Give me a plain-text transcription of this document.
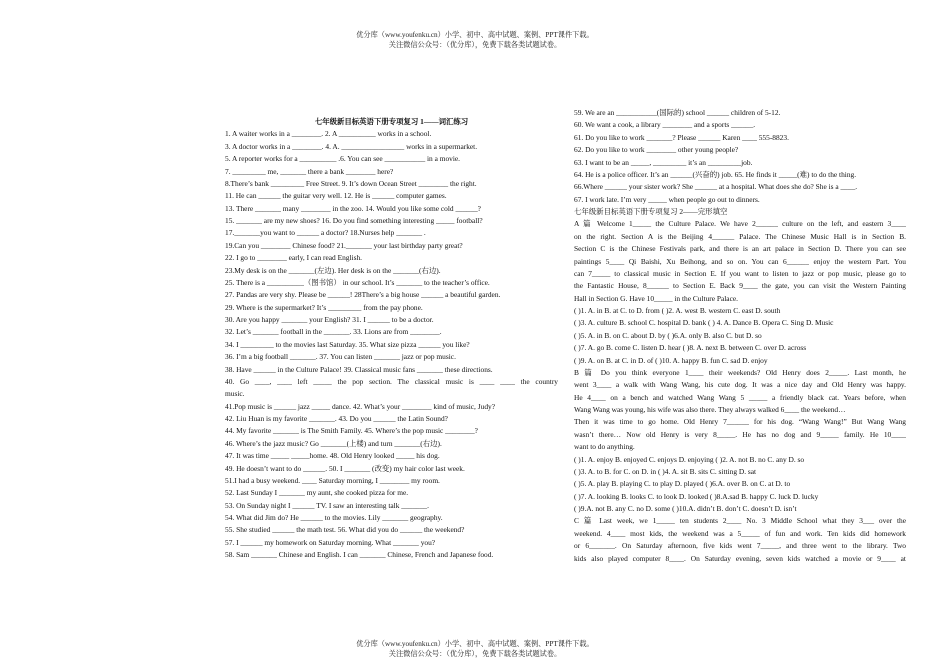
优分库（www.youfenku.cn）小学、初中、高中试题、案例、PPT课件下载。
关注微信公众号：（优分库），免费下载各类试题试卷。
七年级新目标英语下册专项复习 1——词汇练习
1. A waiter works in a ________. 2. A __________ works in a school.
3. A doctor works in a ________. 4. A. _________________ works in a supermarket.
5. A reporter works for a __________ .6. You can see ___________ in a movie.
7. _________ me, _______ there a bank ________ here?
8.There’s bank _________ Free Street. 9. It’s down Ocean Street ________ the right.
11. He can ______ the guitar very well. 12. He is ______ computer games.
13. There _______ many ________ in the zoo. 14. Would you like some cold ______?
15. _______ are my new shoes? 16. Do you find something interesting _____ football?
17._______you want to ______ a doctor? 18.Nurses help _______ .
19.Can you ________ Chinese food? 21._______ your last birthday party great?
22. I go to ________ early, I can read English.
23.My desk is on the _______(左边). Her desk is on the _______(右边).
25. There is a __________（图书馆） in our school. It’s _______ to the teacher’s office.
27. Pandas are very shy. Please be ______! 28There’s a big house ______ a beautiful garden.
29. Where is the supermarket? It’s _________ from the pay phone.
30. Are you happy _______ your English? 31. I ______ to be a doctor.
32. Let’s _______ football in the _______. 33. Lions are from ________.
34. I _________ to the movies last Saturday. 35. What size pizza ______ you like?
36. I’m a big football _______. 37. You can listen _______ jazz or pop music.
38. Have ______ in the Culture Palace! 39. Classical music fans _______ these directions.
40. Go ____, ____ left _____ the pop section. The classical music is ____ ____ the country
music.
41.Pop music is ______ jazz _____ dance. 42. What’s your ________ kind of music, Judy?
42. Liu Huan is my favorite _______. 43. Do you ______ the Latin Sound?
44. My favorite _______ is The Smith Family. 45. Where’s the pop music ________?
46. Where’s the jazz music? Go _______(上楼) and turn _______(右边).
47. It was time _____ _____home. 48. Old Henry looked _____ his dog.
49. He doesn’t want to do ______. 50. I _______ (改变) my hair color last week.
51.I had a busy weekend. ____ Saturday morning, I ________ my room.
52. Last Sunday I _______ my aunt, she cooked pizza for me.
53. On Sunday night I ______ TV. I saw an interesting talk _______.
54. What did Jim do? He ______ to the movies. Lily _______ geography.
55. She studied ______ the math test. 56. What did you do ______ the weekend?
57. I ______ my homework on Saturday morning. What _______ you?
58. Sam _______ Chinese and English. I can _______ Chinese, French and Japanese food.
59. We are an ___________(国际的) school ______ children of 5-12.
60. We want a cook, a library ________ and a sports ______.
61. Do you like to work _______? Please ______ Karen ____ 555-8823.
62. Do you like to work ________ other young people?
63. I want to be an _____, _________ it’s an _________job.
64. He is a police officer. It’s an ______(兴奋的) job. 65. He finds it _____(难) to do the thing.
66.Where ______ your sister work? She ______ at a hospital. What does she do? She is a ____.
67. I work late. I’m very _____ when people go out to dinners.
七年级新目标英语下册专项复习 2——完形填空
A 篇 Welcome 1_____ the Culture Palace. We have 2______ culture on the left, and eastern 3____
on the right. Section A is the Beijing 4______ Palace. The Chinese Music Hall is in Section B.
Section C is the Chinese Festivals park, and there is an art palace in Section D. There you can see
paintings 5____ Qi Baishi, Xu Beihong, and so on. You can 6______ enjoy the western Part. You
can 7_____ to classical music in Section E. If you want to listen to jazz or pop music, please go to
the Fantastic House, 8______ to Section E. Back 9____ the gate, you can visit the Western Painting
Hall in Section G. Have 10_____ in the Culture Palace.
( )1. A. in B. at C. to D. from ( )2. A. west B. western C. east D. south
( )3. A. culture B. school C. hospital D. bank ( ) 4. A. Dance B. Opera C. Sing D. Music
( )5. A. in B. on C. about D. by ( )6.A. only B. also C. but D. so
( )7. A. go B. come C. listen D. hear ( )8. A. next B. between C. over D. across
( )9. A. on B. at C. in D. of ( )10. A. happy B. fun C. sad D. enjoy
B 篇 Do you think everyone 1____ their weekends? Old Henry does 2_____. Last month, he
went 3____ a walk with Wang Wang, his cute dog. It was a nice day and Old Henry was happy.
He 4____ on a bench and watched Wang Wang 5 _____ a friendly black cat. Years before, when
Wang Wang was young, his wife was also there. They always walked 6____ the weekend…
Then it was time to go home. Old Henry 7______ for his dog. “Wang Wang!” But Wang Wang
wasn’t there… Now old Henry is very 8_____. He has no dog and 9_____ family. He 10____
want to do anything.
( )1. A. enjoy B. enjoyed C. enjoys D. enjoying ( )2. A. not B. no C. any D. so
( )3. A. to B. for C. on D. in ( )4. A. sit B. sits C. sitting D. sat
( )5. A. play B. playing C. to play D. played ( )6.A. over B. on C. at D. to
( )7. A. looking B. looks C. to look D. looked ( )8.A.sad B. happy C. luck D. lucky
( )9.A. not B. any C. no D. some ( )10.A. didn’t B. don’t C. doesn’t D. isn’t
C 篇 Last week, we 1_____ ten students 2____ No. 3 Middle School what they 3___ over the
weekend. 4____ most kids, the weekend was a 5_____ of fun and work. Ten kids did homework
or 6_______. On Saturday afternoon, five kids went 7_____, and three went to the library. Two
kids also played computer 8____. On Saturday evening, seven kids watched a movie or 9____ at
优分库（www.youfenku.cn）小学、初中、高中试题、案例、PPT课件下载。
关注微信公众号：（优分库），免费下载各类试题试卷。
